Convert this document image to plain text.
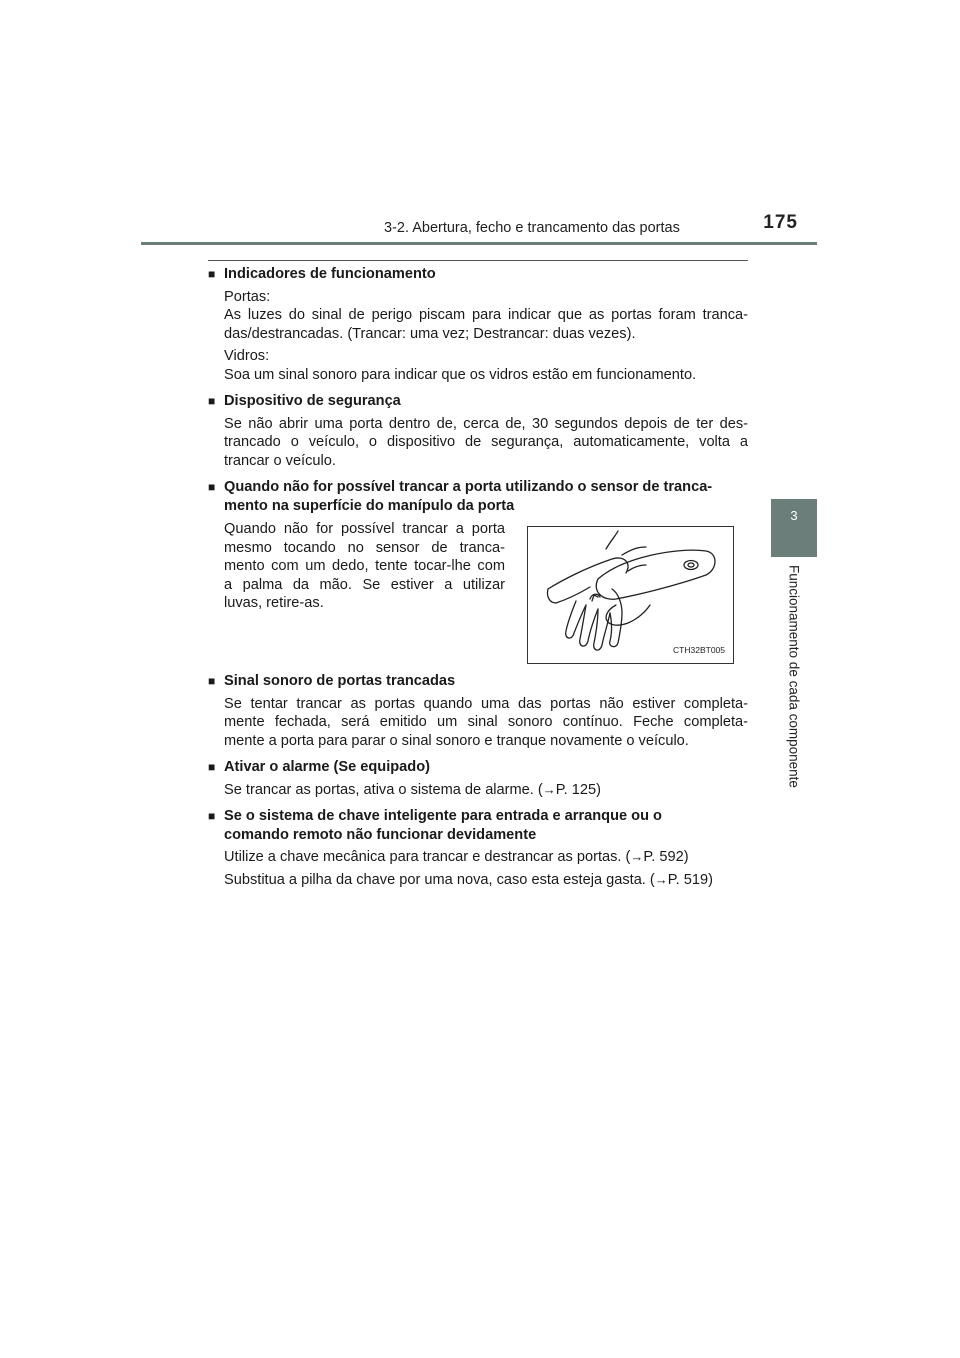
3-2. Abertura, fecho e trancamento das portas	175
3
Funcionamento de cada componente
■ Indicadores de funcionamento
Portas:
As luzes do sinal de perigo piscam para indicar que as portas foram tranca-
das/destrancadas. (Trancar: uma vez; Destrancar: duas vezes).
Vidros:
Soa um sinal sonoro para indicar que os vidros estão em funcionamento.
■ Dispositivo de segurança
Se não abrir uma porta dentro de, cerca de, 30 segundos depois de ter des-
trancado o veículo, o dispositivo de segurança, automaticamente, volta a
trancar o veículo.
■ Quando não for possível trancar a porta utilizando o sensor de tranca-
mento na superfície do manípulo da porta
Quando não for possível trancar a porta
mesmo tocando no sensor de tranca-
mento com um dedo, tente tocar-lhe com
a palma da mão. Se estiver a utilizar
luvas, retire-as.
CTH32BT005
■ Sinal sonoro de portas trancadas
Se tentar trancar as portas quando uma das portas não estiver completa-
mente fechada, será emitido um sinal sonoro contínuo. Feche completa-
mente a porta para parar o sinal sonoro e tranque novamente o veículo.
■ Ativar o alarme (Se equipado)
Se trancar as portas, ativa o sistema de alarme. (→P. 125)
■ Se o sistema de chave inteligente para entrada e arranque ou o
comando remoto não funcionar devidamente
Utilize a chave mecânica para trancar e destrancar as portas. (→P. 592)
Substitua a pilha da chave por uma nova, caso esta esteja gasta. (→P. 519)
